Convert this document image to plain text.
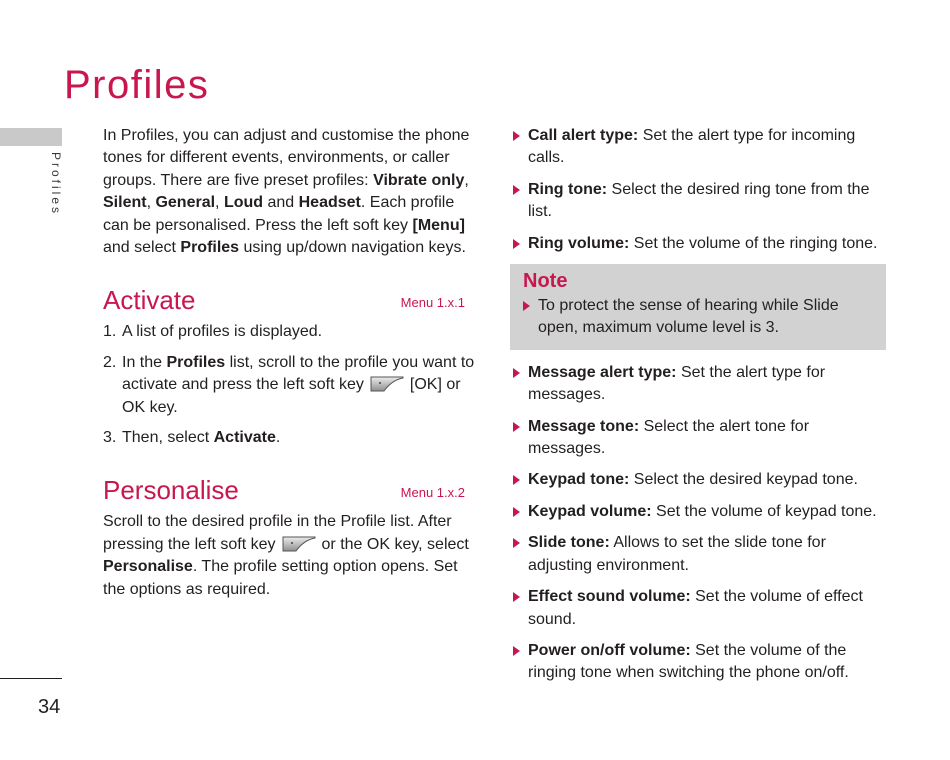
Profiles
Profiles
34

In Profiles, you can adjust and customise the phone tones for different events, environments, or caller groups. There are five preset profiles: Vibrate only, Silent, General, Loud and Headset. Each profile can be personalised. Press the left soft key [Menu] and select Profiles using up/down navigation keys.

Activate	Menu 1.x.1
1. A list of profiles is displayed.
2. In the Profiles list, scroll to the profile you want to activate and press the left soft key	[OK] or OK key.
3. Then, select Activate.
Personalise	Menu 1.x.2

Scroll to the desired profile in the Profile list. After pressing the left soft key	or the OK key, select Personalise. The profile setting option opens. Set the options as required.

Call alert type: Set the alert type for incoming calls.
Ring tone: Select the desired ring tone from the list.
Ring volume: Set the volume of the ringing tone.
Note
To protect the sense of hearing while Slide open, maximum volume level is 3.
Message alert type: Set the alert type for messages.
Message tone: Select the alert tone for messages.
Keypad tone: Select the desired keypad tone.
Keypad volume: Set the volume of keypad tone.
Slide tone: Allows to set the slide tone for adjusting environment.
Effect sound volume: Set the volume of effect sound.
Power on/off volume: Set the volume of the ringing tone when switching the phone on/off.
